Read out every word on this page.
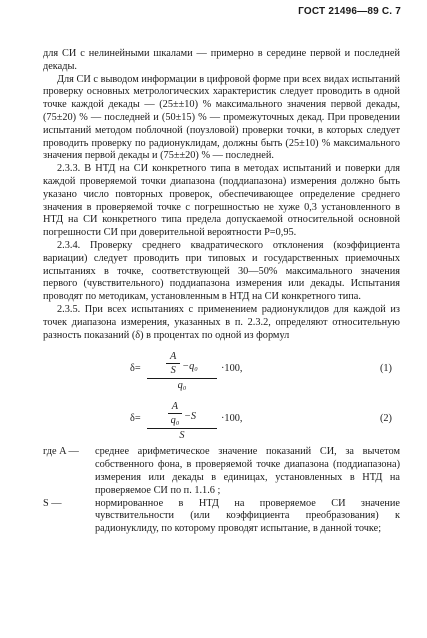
ГОСТ 21496—89 С. 7

для СИ с нелинейными шкалами — примерно в середине первой и последней декады.

Для СИ с выводом информации в цифровой форме при всех видах испытаний проверку основных метрологических характеристик следует проводить в одной точке каждой декады — (25±±10) % максимального значения первой декады, (75±20) % — последней и (50±15) % — промежуточных декад. При проведении испытаний методом поблочной (поузловой) проверки точки, в которых следует проводить проверку по радионуклидам, должны быть (25±10) % максимального значения первой декады и (75±±20) % — последней.

2.3.3. В НТД на СИ конкретного типа в методах испытаний и поверки для каждой проверяемой точки диапазона (поддиапазона) измерения должно быть указано число повторных проверок, обеспечивающее определение среднего значения в проверяемой точке с погрешностью не хуже 0,3 установленного в НТД на СИ конкретного типа предела допускаемой относительной основной погрешности СИ при доверительной вероятности P=0,95.

2.3.4. Проверку среднего квадратического отклонения (коэффициента вариации) следует проводить при типовых и государственных приемочных испытаниях в точке, соответствующей 30—50% максимального значения первого (чувствительного) поддиапазона измерения или декады. Испытания проводят по методикам, установленным в НТД на СИ конкретного типа.

2.3.5. При всех испытаниях с применением радионуклидов для каждой из точек диапазона измерения, указанных в п. 2.3.2, определяют относительную разность показаний (δ) в процентах по одной из формул

δ=
A
S −q₀
q₀
·100,	(1)
δ=
A
q₀ −S
S
·100,	(2)

где A —	среднее арифметическое значение показаний СИ, за вычетом собственного фона, в проверяемой точке диапазона (поддиапазона) измерения или декады в единицах, установленных в НТД на проверяемое СИ по п. 1.1.6 ;

S —	нормированное в НТД на проверяемое СИ значение чувствительности (или коэффициента преобразования) к радионуклиду, по которому проводят испытание, в данной точке;
